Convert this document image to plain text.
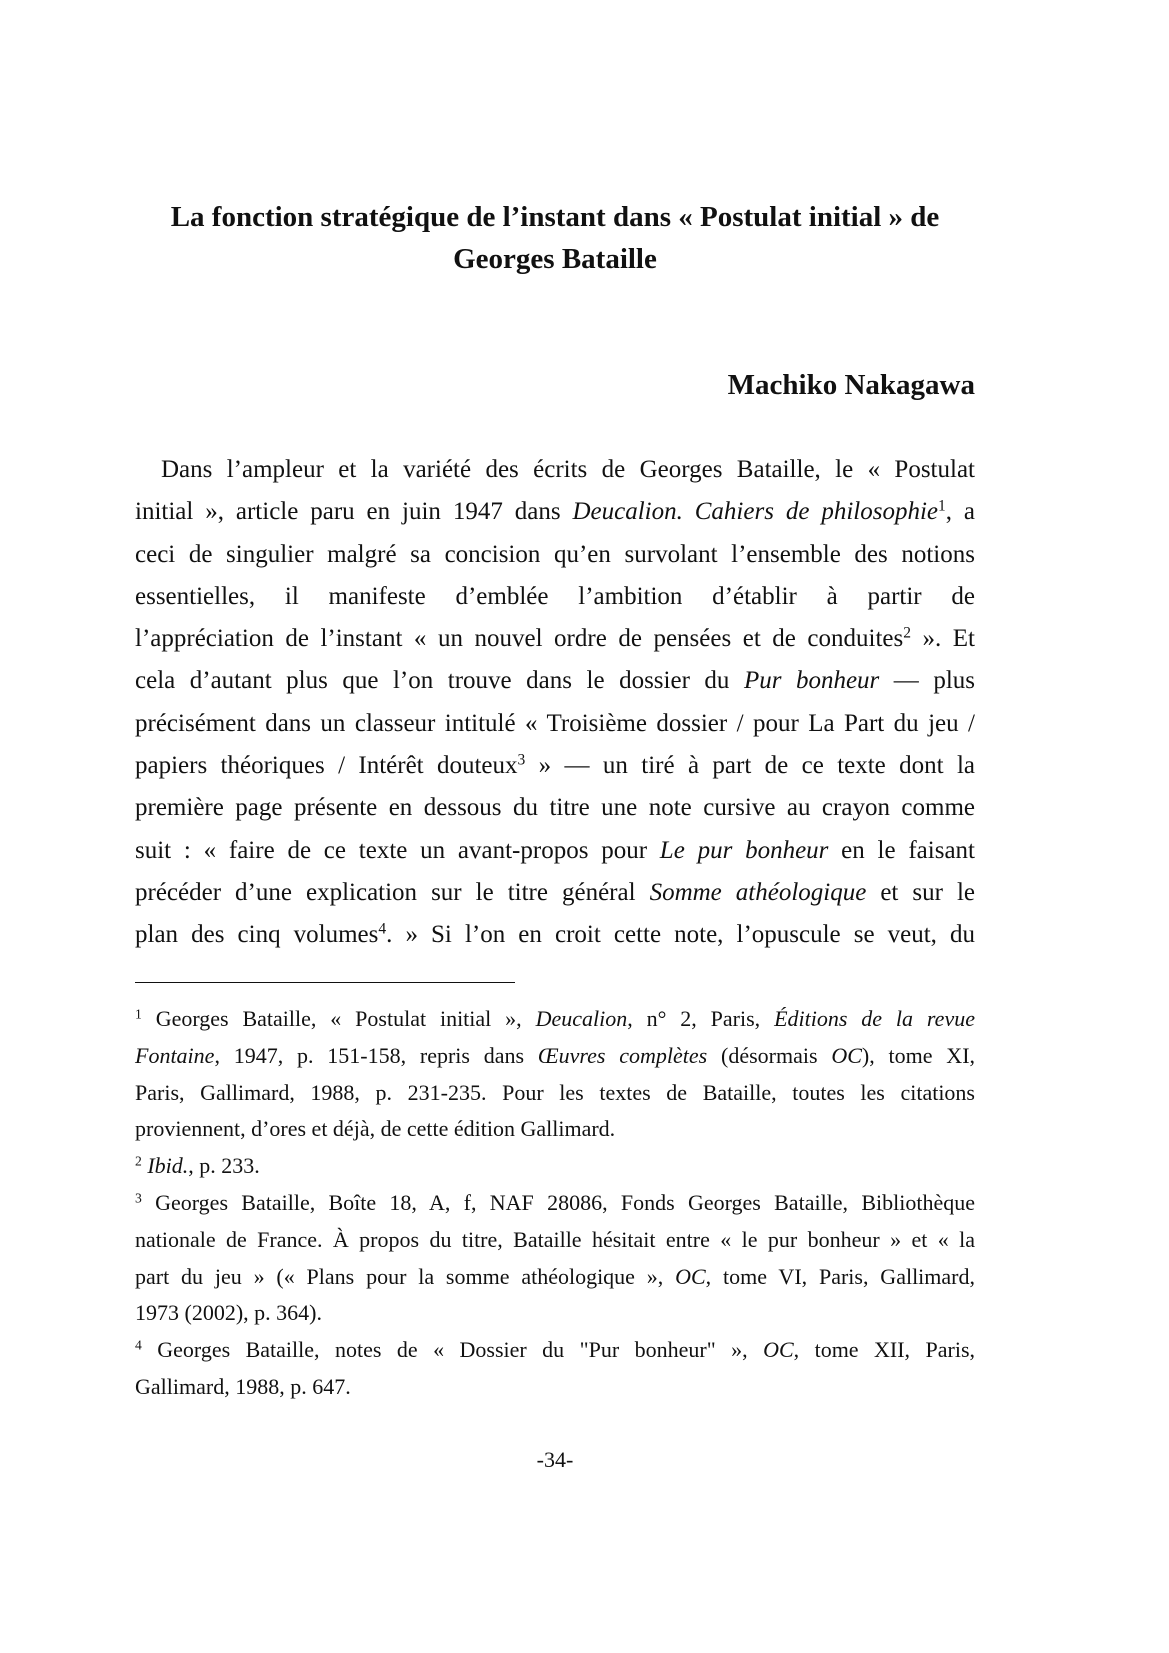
La fonction stratégique de l’instant dans « Postulat initial » de
Georges Bataille
Machiko Nakagawa
Dans l’ampleur et la variété des écrits de Georges Bataille, le « Postulat
initial », article paru en juin 1947 dans Deucalion. Cahiers de philosophie$^1$, a
ceci de singulier malgré sa concision qu’en survolant l’ensemble des notions
essentielles, il manifeste d’emblée l’ambition d’établir à partir de
l’appréciation de l’instant « un nouvel ordre de pensées et de conduites$^2$ ». Et
cela d’autant plus que l’on trouve dans le dossier du Pur bonheur — plus
précisément dans un classeur intitulé « Troisième dossier / pour La Part du jeu /
papiers théoriques / Intérêt douteux$^3$ » — un tiré à part de ce texte dont la
première page présente en dessous du titre une note cursive au crayon comme
suit : « faire de ce texte un avant-propos pour Le pur bonheur en le faisant
précéder d’une explication sur le titre général Somme athéologique et sur le
plan des cinq volumes$^4$. » Si l’on en croit cette note, l’opuscule se veut, du
$^1$ Georges Bataille, « Postulat initial », Deucalion, n° 2, Paris, Éditions de la revue
Fontaine, 1947, p. 151-158, repris dans Œuvres complètes (désormais OC), tome XI,
Paris, Gallimard, 1988, p. 231-235. Pour les textes de Bataille, toutes les citations
proviennent, d’ores et déjà, de cette édition Gallimard.
$^2$ Ibid., p. 233.
$^3$ Georges Bataille, Boîte 18, A, f, NAF 28086, Fonds Georges Bataille, Bibliothèque
nationale de France. À propos du titre, Bataille hésitait entre « le pur bonheur » et « la
part du jeu » (« Plans pour la somme athéologique », OC, tome VI, Paris, Gallimard,
1973 (2002), p. 364).
$^4$ Georges Bataille, notes de « Dossier du "Pur bonheur" », OC, tome XII, Paris,
Gallimard, 1988, p. 647.
-34-
